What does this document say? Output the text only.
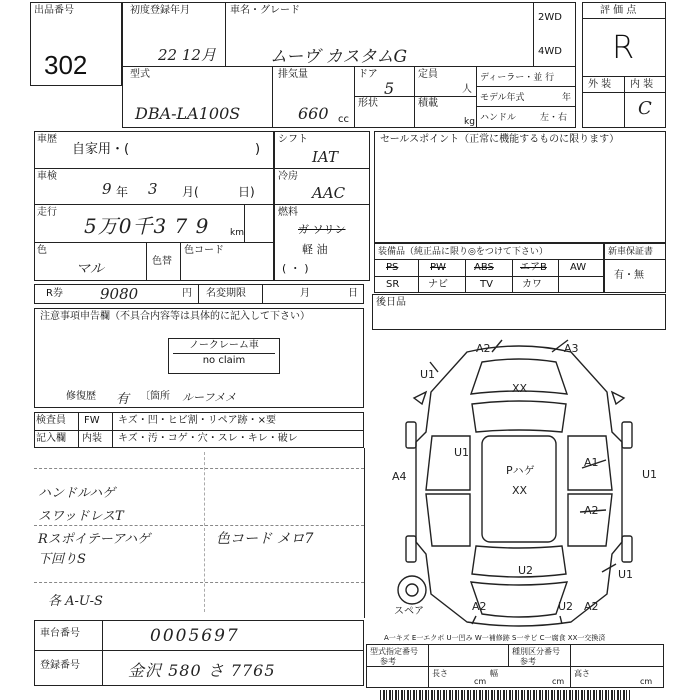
出品番号
302
初度登録年月
22 12月
車名・グレード
ムーヴ カスタムG
2WD
4WD
評 価 点
R
外 装 内 装
C
型式
DBA-LA100S
排気量
660 cc
ドア
5
形状
定員
人
積載
kg
ディーラー・並 行
モデル年式	年
ハンドル	左・右
車歴
自家用・(	)
車検
9 年 3 月(	日)
走行
5万0千3 7 9 km
色
マル	色替
色コード
シフト
IAT
冷房
AAC
燃料
ガ ソリン
軽 油
( ・ )
セールスポイント（正常に機能するものに限ります）
装備品（純正品に限り◎をつけて下さい）
PS	PW	ABS	エアB AW
SR	ナビ	TV	カワ
新車保証書
有・無
R券 9080	円 名変期限	月	日
後日品
注意事項申告欄（不具合内容等は具体的に記入して下さい）
ノークレーム車
no claim
修復歴 有 〔箇所 ルーフメメ
検査員
記入欄
FW キズ・凹・ヒビ割・リペア跡・×要
内装 キズ・汚・コゲ・穴・スレ・キレ・破レ
ハンドルハゲ
スワッドレスT
Rスポイテーアハゲ
下回りS
各 A-U-S
色コード メロ7
車台番号	0005697
登録番号	金沢 580 さ 7765
A2	A3
U1
XX
U1
A4	Pハゲ
XX
A1
U1
A2
U2	U1
スペア	A2	U2 A2
A一キズ E一エクボ U一凹み W一補修跡 S一サビ C一腐食 XX一交換済
型式指定番号
参考
種別区分番号
参考
長さ
cm
幅
cm
高さ
cm
